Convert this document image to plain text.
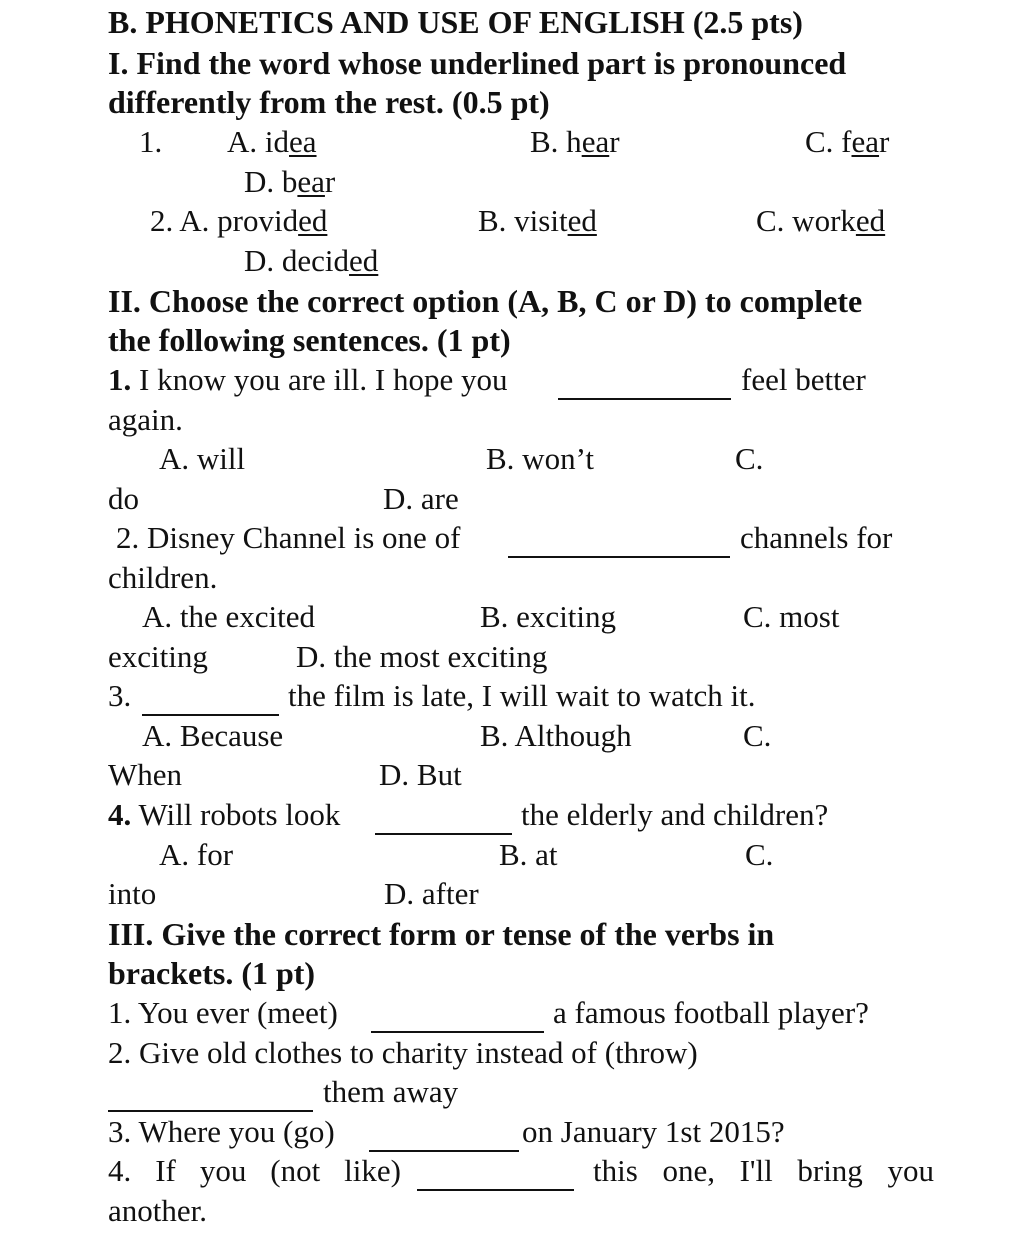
B. PHONETICS AND USE OF ENGLISH (2.5 pts)
I. Find the word whose underlined part is pronounced
differently from the rest. (0.5 pt)
1. A. idea	B. hear	C. fear
D. bear
2. A. provided	B. visited	C. worked
D. decided
II. Choose the correct option (A, B, C or D) to complete
the following sentences. (1 pt)
1. I know you are ill. I hope you	feel better
again.
A. will	B. won’t	C.
do	D. are
2. Disney Channel is one of	channels for
children.
A. the excited	B. exciting	C. most
exciting	D. the most exciting
3.	the film is late, I will wait to watch it.
A. Because	B. Although	C.
When	D. But
4. Will robots look	the elderly and children?
A. for	B. at	C.
into	D. after
III. Give the correct form or tense of the verbs in
brackets. (1 pt)
1. You ever (meet)	a famous football player?
2. Give old clothes to charity instead of (throw)
them away
3. Where you (go)	on January 1st 2015?
4. If you (not like)	this one, I'll bring you
another.
